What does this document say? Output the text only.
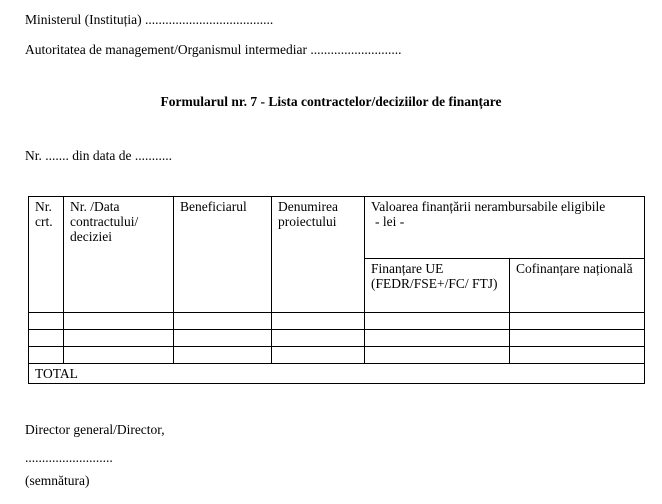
Ministerul (Instituția) ......................................
Autoritatea de management/Organismul intermediar ...........................
Formularul nr. 7 - Lista contractelor/deciziilor de finanțare
Nr. ....... din data de ...........
Nr. crt.	Nr. /Data contractului/ deciziei	Beneficiarul	Denumirea proiectului	Valoarea finanțării nerambursabile eligibile
- lei -	

				Finanțare UE (FEDR/FSE+/FC/ FTJ)	Cofinanțare națională

TOTAL					
Director general/Director,
..........................
(semnătura)
